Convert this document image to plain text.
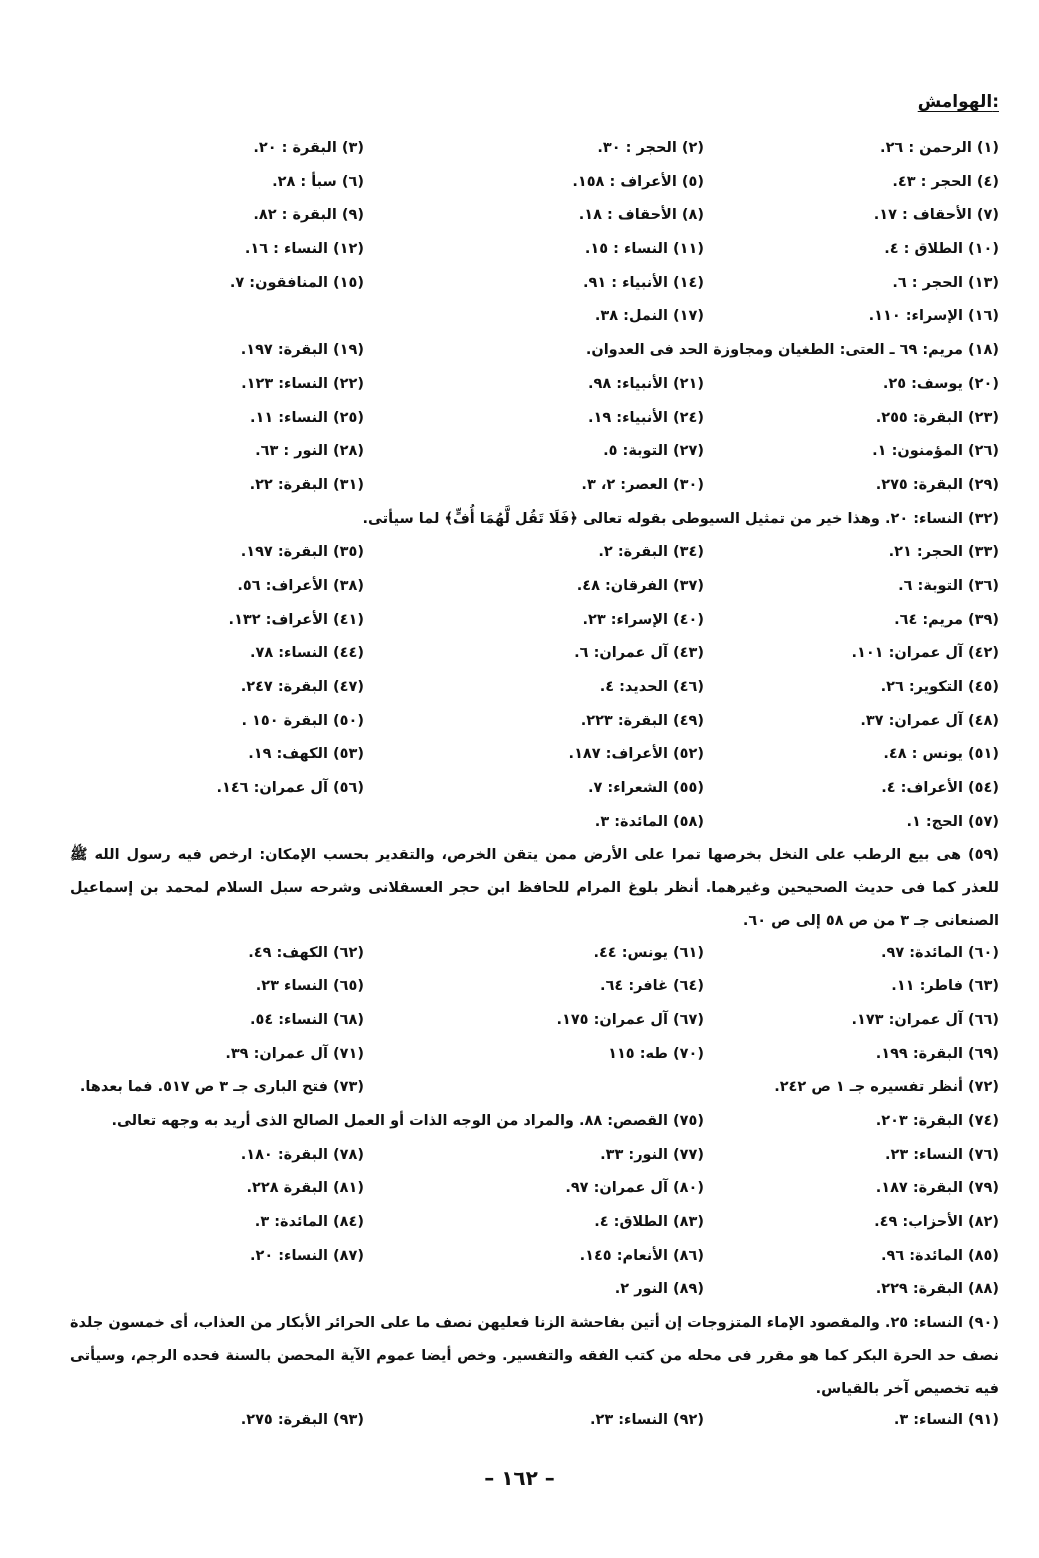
الهوامش:
(١) الرحمن : ٢٦.
(٢) الحجر : ٣٠.
(٣) البقرة : ٢٠.
(٤) الحجر : ٤٣.
(٥) الأعراف : ١٥٨.
(٦) سبأ : ٢٨.
(٧) الأحقاف : ١٧.
(٨) الأحقاف : ١٨.
(٩) البقرة : ٨٢.
(١٠) الطلاق : ٤.
(١١) النساء : ١٥.
(١٢) النساء : ١٦.
(١٣) الحجر : ٦.
(١٤) الأنبياء : ٩١.
(١٥) المنافقون: ٧.
(١٦) الإسراء: ١١٠.
(١٧) النمل: ٣٨.
(١٨) مريم: ٦٩ ـ العتى: الطغيان ومجاوزة الحد فى العدوان.
(١٩) البقرة: ١٩٧.
(٢٠) يوسف: ٢٥.
(٢١) الأنبياء: ٩٨.
(٢٢) النساء: ١٢٣.
(٢٣) البقرة: ٢٥٥.
(٢٤) الأنبياء: ١٩.
(٢٥) النساء: ١١.
(٢٦) المؤمنون: ١.
(٢٧) التوبة: ٥.
(٢٨) النور : ٦٣.
(٢٩) البقرة: ٢٧٥.
(٣٠) العصر: ٢، ٣.
(٣١) البقرة: ٢٢.
(٣٢) النساء: ٢٠. وهذا خير من تمثيل السيوطى بقوله تعالى ﴿فَلَا تَقُل لَّهُمَا أُفٍّ﴾ لما سيأتى.
(٣٣) الحجر: ٢١.
(٣٤) البقرة: ٢.
(٣٥) البقرة: ١٩٧.
(٣٦) التوبة: ٦.
(٣٧) الفرقان: ٤٨.
(٣٨) الأعراف: ٥٦.
(٣٩) مريم: ٦٤.
(٤٠) الإسراء: ٢٣.
(٤١) الأعراف: ١٣٢.
(٤٢) آل عمران: ١٠١.
(٤٣) آل عمران: ٦.
(٤٤) النساء: ٧٨.
(٤٥) التكوير: ٢٦.
(٤٦) الحديد: ٤.
(٤٧) البقرة: ٢٤٧.
(٤٨) آل عمران: ٣٧.
(٤٩) البقرة: ٢٢٣.
(٥٠) البقرة ١٥٠ .
(٥١) يونس : ٤٨.
(٥٢) الأعراف: ١٨٧.
(٥٣) الكهف: ١٩.
(٥٤) الأعراف: ٤.
(٥٥) الشعراء: ٧.
(٥٦) آل عمران: ١٤٦.
(٥٧) الحج: ١.
(٥٨) المائدة: ٣.
(٥٩) هى بيع الرطب على النخل بخرصها تمرا على الأرض ممن يتقن الخرص، والتقدير بحسب الإمكان: ارخص فيه رسول الله ﷺ للعذر كما فى حديث الصحيحين وغيرهما. أنظر بلوغ المرام للحافظ ابن حجر العسقلانى وشرحه سبل السلام لمحمد بن إسماعيل الصنعانى جـ ٣ من ص ٥٨ إلى ص ٦٠.
(٦٠) المائدة: ٩٧.
(٦١) يونس: ٤٤.
(٦٢) الكهف: ٤٩.
(٦٣) فاطر: ١١.
(٦٤) غافر: ٦٤.
(٦٥) النساء ٢٣.
(٦٦) آل عمران: ١٧٣.
(٦٧) آل عمران: ١٧٥.
(٦٨) النساء: ٥٤.
(٦٩) البقرة: ١٩٩.
(٧٠) طه: ١١٥
(٧١) آل عمران: ٣٩.
(٧٢) أنظر تفسيره جـ ١ ص ٢٤٢.
(٧٣) فتح البارى جـ ٣ ص ٥١٧. فما بعدها.
(٧٤) البقرة: ٢٠٣.
(٧٥) القصص: ٨٨. والمراد من الوجه الذات أو العمل الصالح الذى أريد به وجهه تعالى.
(٧٦) النساء: ٢٣.
(٧٧) النور: ٣٣.
(٧٨) البقرة: ١٨٠.
(٧٩) البقرة: ١٨٧.
(٨٠) آل عمران: ٩٧.
(٨١) البقرة ٢٢٨.
(٨٢) الأحزاب: ٤٩.
(٨٣) الطلاق: ٤.
(٨٤) المائدة: ٣.
(٨٥) المائدة: ٩٦.
(٨٦) الأنعام: ١٤٥.
(٨٧) النساء: ٢٠.
(٨٨) البقرة: ٢٢٩.
(٨٩) النور ٢.
(٩٠) النساء: ٢٥. والمقصود الإماء المتزوجات إن أتين بفاحشة الزنا فعليهن نصف ما على الحرائر الأبكار من العذاب، أى خمسون جلدة نصف حد الحرة البكر كما هو مقرر فى محله من كتب الفقه والتفسير. وخص أيضا عموم الآية المحصن بالسنة فحده الرجم، وسيأتى فيه تخصيص آخر بالقياس.
(٩١) النساء: ٣.
(٩٢) النساء: ٢٣.
(٩٣) البقرة: ٢٧٥.
– ١٦٢ –
